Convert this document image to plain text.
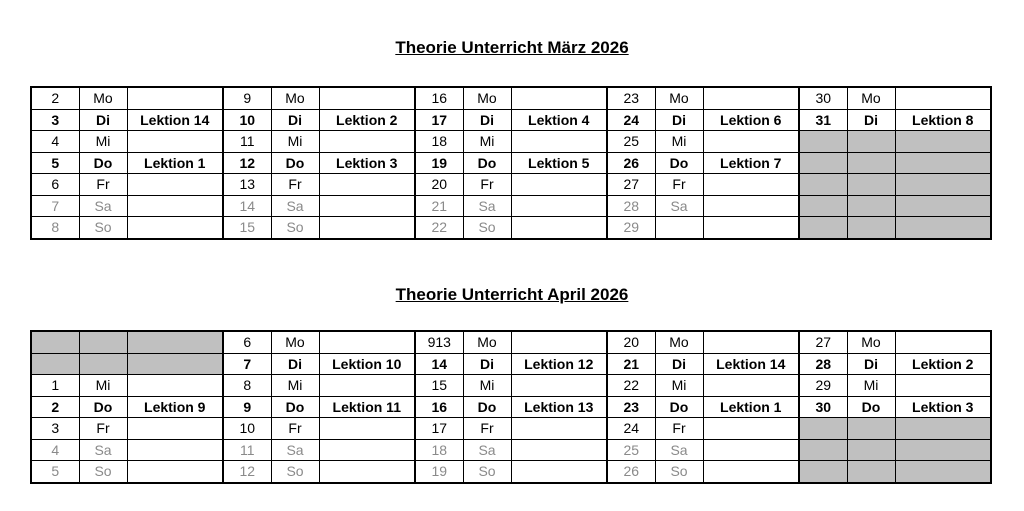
Theorie Unterricht März 2026
2	Mo		9	Mo		16	Mo		23	Mo		30	Mo	
3	Di	Lektion 14	10	Di	Lektion 2	17	Di	Lektion 4	24	Di	Lektion 6	31	Di	Lektion 8
4	Mi		11	Mi		18	Mi		25	Mi				
5	Do	Lektion 1	12	Do	Lektion 3	19	Do	Lektion 5	26	Do	Lektion 7			
6	Fr		13	Fr		20	Fr		27	Fr				
7	Sa		14	Sa		21	Sa		28	Sa				
8	So		15	So		22	So		29					
Theorie Unterricht April 2026
			6	Mo		913	Mo		20	Mo		27	Mo	
			7	Di	Lektion 10	14	Di	Lektion 12	21	Di	Lektion 14	28	Di	Lektion 2
1	Mi		8	Mi		15	Mi		22	Mi		29	Mi	
2	Do	Lektion 9	9	Do	Lektion 11	16	Do	Lektion 13	23	Do	Lektion 1	30	Do	Lektion 3
3	Fr		10	Fr		17	Fr		24	Fr				
4	Sa		11	Sa		18	Sa		25	Sa				
5	So		12	So		19	So		26	So				
